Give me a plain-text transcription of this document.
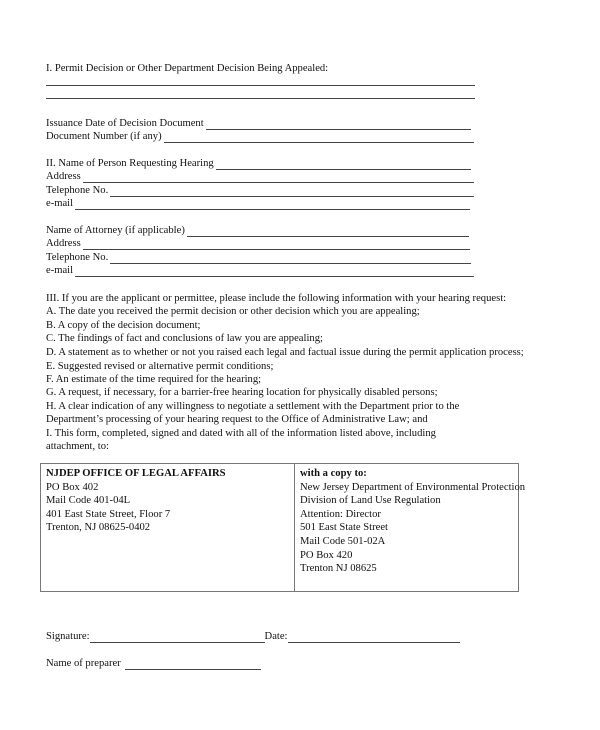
I. Permit Decision or Other Department Decision Being Appealed:
Issuance Date of Decision Document
Document Number (if any)
II. Name of Person Requesting Hearing
Address
Telephone No.
e-mail
Name of Attorney (if applicable)
Address
Telephone No.
e-mail
III. If you are the applicant or permittee, please include the following information with your hearing request:
A. The date you received the permit decision or other decision which you are appealing;
B. A copy of the decision document;
C. The findings of fact and conclusions of law you are appealing;
D. A statement as to whether or not you raised each legal and factual issue during the permit application process;
E. Suggested revised or alternative permit conditions;
F. An estimate of the time required for the hearing;
G. A request, if necessary, for a barrier-free hearing location for physically disabled persons;
H. A clear indication of any willingness to negotiate a settlement with the Department prior to the
Department’s processing of your hearing request to the Office of Administrative Law; and
I. This form, completed, signed and dated with all of the information listed above, including
attachment, to:
NJDEP OFFICE OF LEGAL AFFAIRS
PO Box 402
Mail Code 401-04L
401 East State Street, Floor 7
Trenton, NJ 08625-0402
with a copy to:
New Jersey Department of Environmental Protection
Division of Land Use Regulation
Attention: Director
501 East State Street
Mail Code 501-02A
PO Box 420
Trenton NJ 08625
Signature:	Date:
Name of preparer
